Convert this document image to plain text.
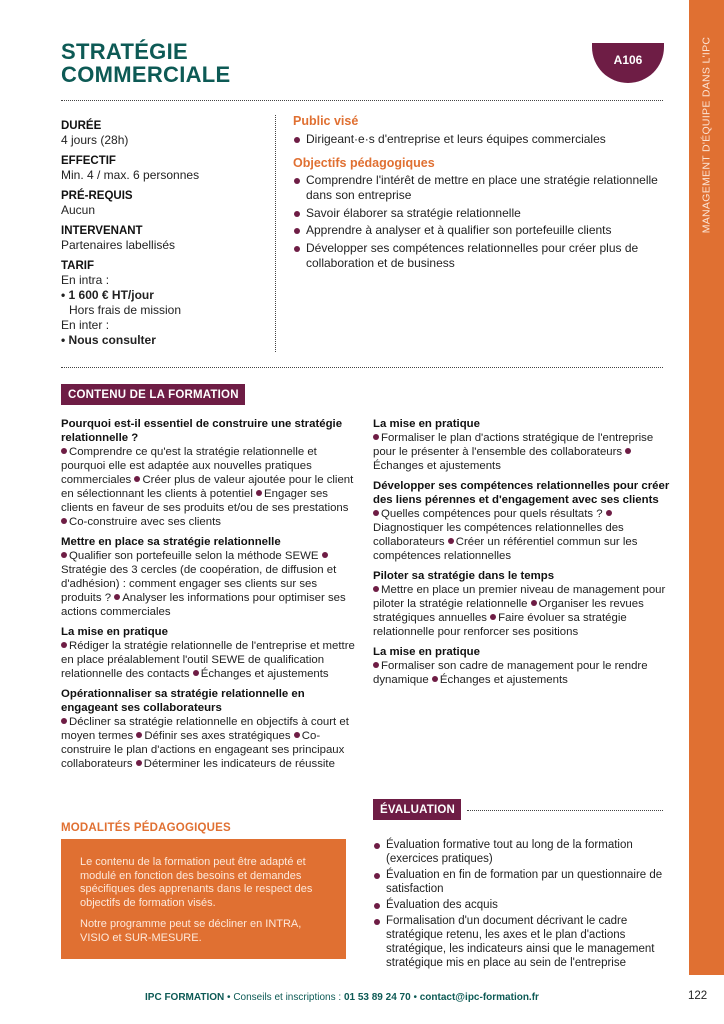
MANAGEMENT D'ÉQUIPE DANS L'IPC
STRATÉGIE
COMMERCIALE
A106
DURÉE
4 jours (28h)
EFFECTIF
Min. 4 / max. 6 personnes
PRÉ-REQUIS
Aucun
INTERVENANT
Partenaires labellisés
TARIF
En intra :
• 1 600 € HT/jour
Hors frais de mission
En inter :
• Nous consulter
Public visé
Dirigeant·e·s d'entreprise et leurs équipes commerciales
Objectifs pédagogiques
Comprendre l'intérêt de mettre en place une stratégie relationnelle dans son entreprise
Savoir élaborer sa stratégie relationnelle
Apprendre à analyser et à qualifier son portefeuille clients
Développer ses compétences relationnelles pour créer plus de collaboration et de business
CONTENU DE LA FORMATION
Pourquoi est-il essentiel de construire une stratégie relationnelle ?

Comprendre ce qu'est la stratégie relationnelle et pourquoi elle est adaptée aux nouvelles pratiques commerciales Créer plus de valeur ajoutée pour le client en sélectionnant les clients à potentiel Engager ses clients en faveur de ses produits et/ou de ses prestations Co-construire avec ses clients

Mettre en place sa stratégie relationnelle

Qualifier son portefeuille selon la méthode SEWE Stratégie des 3 cercles (de coopération, de diffusion et d'adhésion) : comment engager ses clients sur ses produits ? Analyser les informations pour optimiser ses actions commerciales

La mise en pratique

Rédiger la stratégie relationnelle de l'entreprise et mettre en place préalablement l'outil SEWE de qualification relationnelle des contacts Échanges et ajustements

Opérationnaliser sa stratégie relationnelle en engageant ses collaborateurs

Décliner sa stratégie relationnelle en objectifs à court et moyen termes Définir ses axes stratégiques Co-construire le plan d'actions en engageant ses principaux collaborateurs Déterminer les indicateurs de réussite

La mise en pratique

Formaliser le plan d'actions stratégique de l'entreprise pour le présenter à l'ensemble des collaborateurs Échanges et ajustements

Développer ses compétences relationnelles pour créer des liens pérennes et d'engagement avec ses clients

Quelles compétences pour quels résultats ? Diagnostiquer les compétences relationnelles des collaborateurs Créer un référentiel commun sur les compétences relationnelles

Piloter sa stratégie dans le temps

Mettre en place un premier niveau de management pour piloter la stratégie relationnelle Organiser les revues stratégiques annuelles Faire évoluer sa stratégie relationnelle pour renforcer ses positions

La mise en pratique

Formaliser son cadre de management pour le rendre dynamique Échanges et ajustements

MODALITÉS PÉDAGOGIQUES

Le contenu de la formation peut être adapté et modulé en fonction des besoins et demandes spécifiques des apprenants dans le respect des objectifs de formation visés.

Notre programme peut se décliner en INTRA, VISIO et SUR-MESURE.

ÉVALUATION
Évaluation formative tout au long de la formation (exercices pratiques)
Évaluation en fin de formation par un questionnaire de satisfaction
Évaluation des acquis
Formalisation d'un document décrivant le cadre stratégique retenu, les axes et le plan d'actions stratégique, les indicateurs ainsi que le management stratégique mis en place au sein de l'entreprise
IPC FORMATION • Conseils et inscriptions : 01 53 89 24 70 • contact@ipc-formation.fr	122
